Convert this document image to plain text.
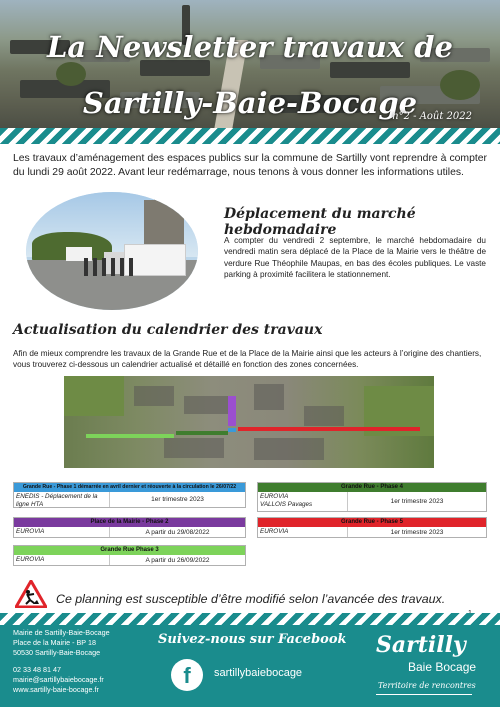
La Newsletter travaux de
Sartilly-Baie-Bocage
n°2 - Août 2022

Les travaux d’aménagement des espaces publics sur la commune de Sartilly vont reprendre à compter du lundi 29 août 2022. Avant leur redémarrage, nous tenons à vous donner les informations utiles.

Déplacement du marché hebdomadaire

A compter du vendredi 2 septembre, le marché hebdomadaire du vendredi matin sera déplacé de la Place de la Mairie vers le théâtre de verdure Rue Théophile Maupas, en bas des écoles publiques. Le vaste parking à proximité facilitera le stationnement.

Actualisation du calendrier des travaux

Afin de mieux comprendre les travaux de la Grande Rue et de la Place de la Mairie ainsi que les acteurs à l’origine des chantiers, vous trouverez ci-dessous un calendrier actualisé et détaillé en fonction des zones concernées.

Grande Rue - Phase 1 démarrée en avril dernier et réouverte à la circulation le 26/07/22
ENEDIS - Déplacement de la ligne HTA
1er trimestre 2023
Place de la Mairie - Phase 2
EUROVIA	A partir du 29/08/2022
Grande Rue Phase 3
EUROVIA	A partir du 26/09/2022
Grande Rue - Phase 4
EUROVIA
VALLOIS Pavages	1er trimestre 2023
Grande Rue - Phase 5
EUROVIA	1er trimestre 2023
Ce planning est susceptible d’être modifié selon l’avancée des travaux.
Mairie de Sartilly-Baie-Bocage
Place de la Mairie - BP 18
50530 Sartilly-Baie-Bocage
02 33 48 81 47
mairie@sartillybaiebocage.fr
www.sartilly-baie-bocage.fr
Suivez-nous sur Facebook
f	sartillybaiebocage
Sartilly
Baie Bocage
Territoire de rencontres
